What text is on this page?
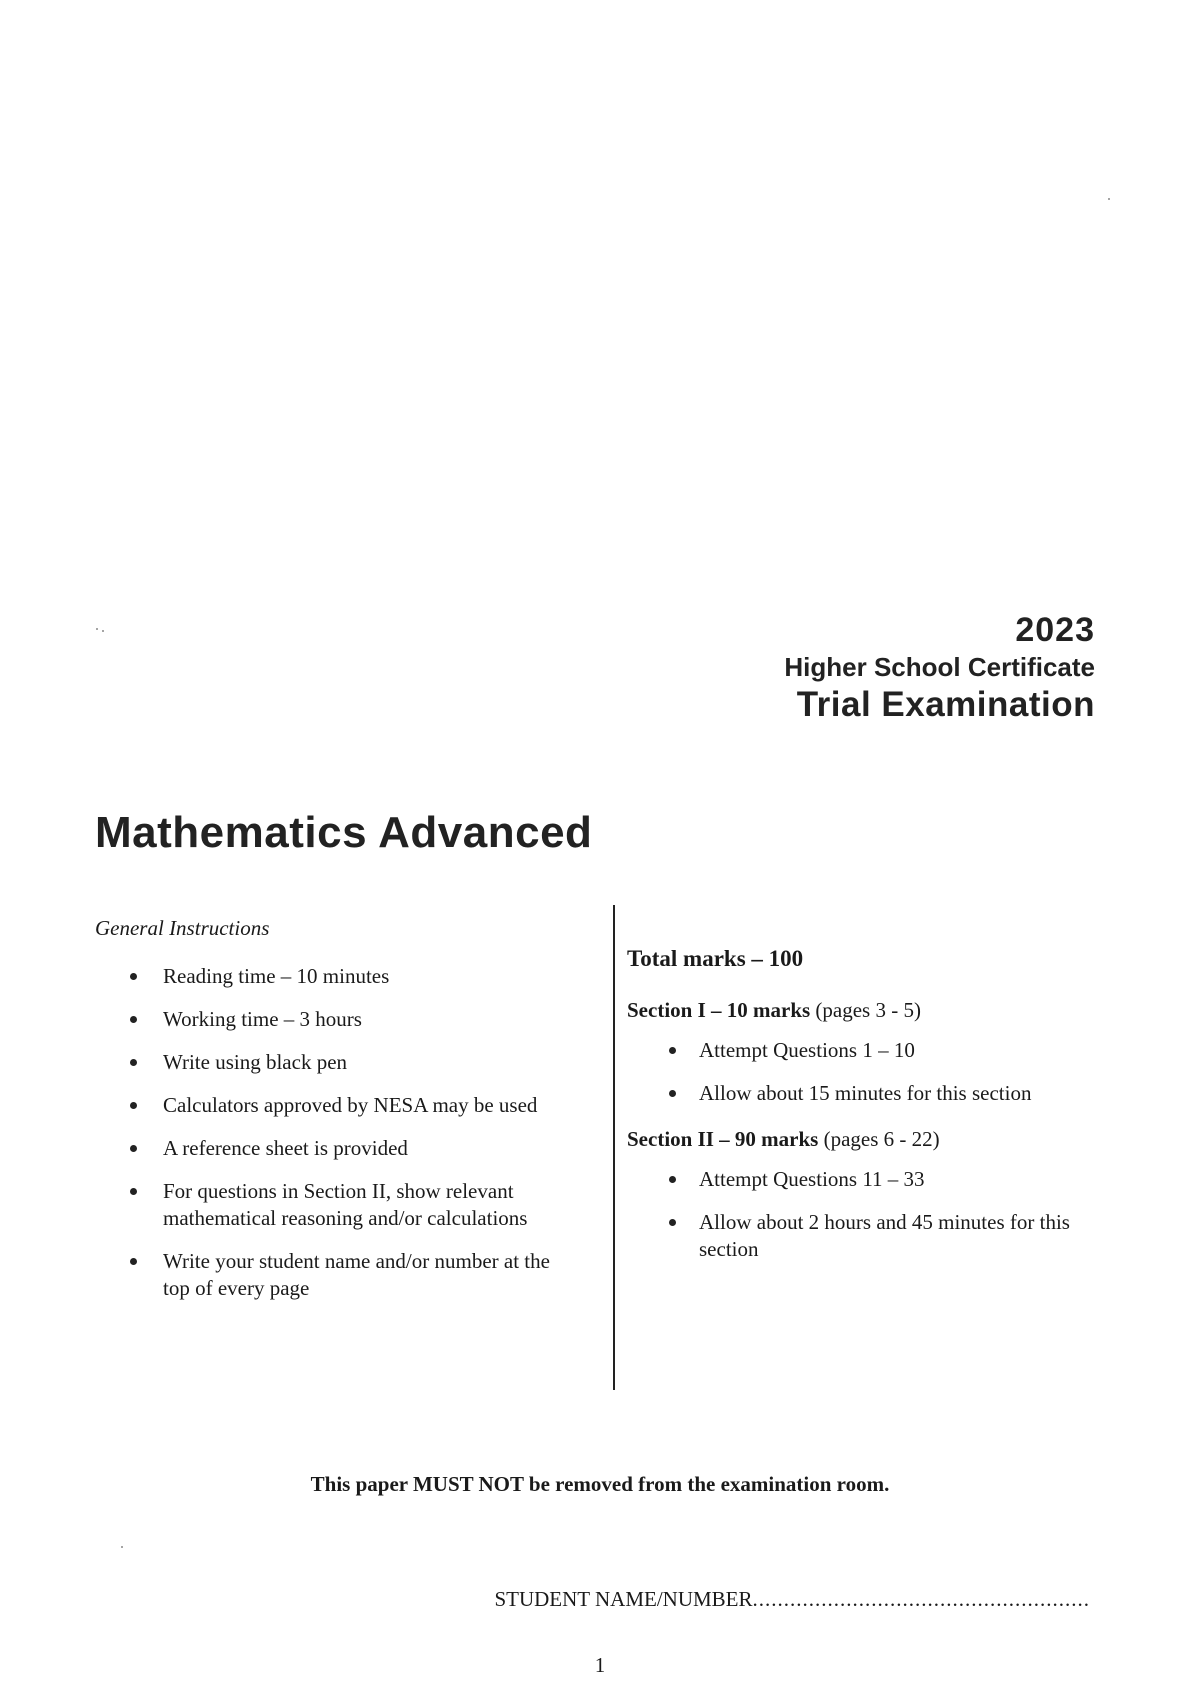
2023
Higher School Certificate
Trial Examination
Mathematics Advanced
General Instructions
Reading time – 10 minutes
Working time – 3 hours
Write using black pen
Calculators approved by NESA may be used
A reference sheet is provided
For questions in Section II, show relevant mathematical reasoning and/or calculations
Write your student name and/or number at the top of every page
Total marks – 100
Section I – 10 marks (pages 3 - 5)
Attempt Questions 1 – 10
Allow about 15 minutes for this section
Section II – 90 marks (pages 6 - 22)
Attempt Questions 11 – 33
Allow about 2 hours and 45 minutes for this section
This paper MUST NOT be removed from the examination room.
STUDENT NAME/NUMBER......................................................
1
